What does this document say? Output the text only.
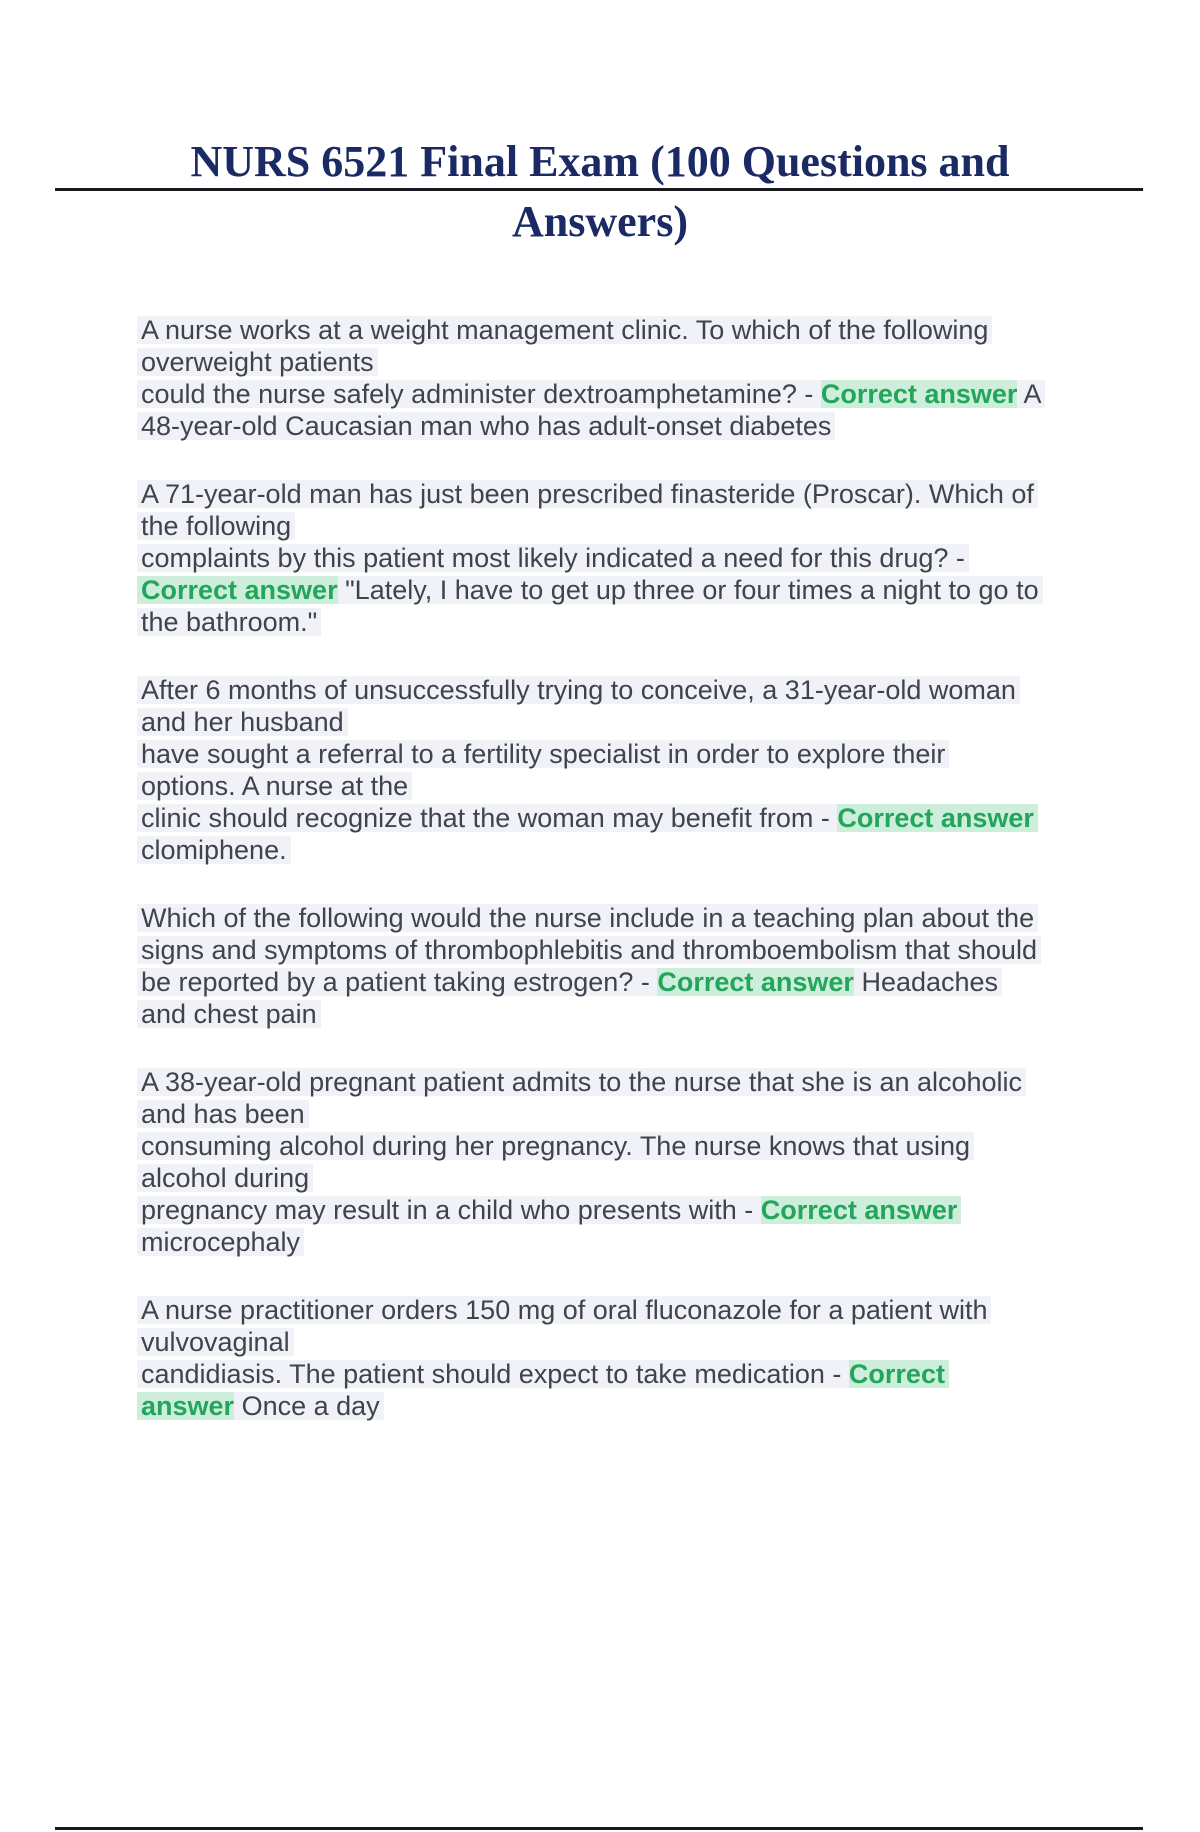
NURS 6521 Final Exam (100 Questions and
Answers)
A nurse works at a weight management clinic. To which of the following
overweight patients
could the nurse safely administer dextroamphetamine? - Correct answer A
48-year-old Caucasian man who has adult-onset diabetes
A 71-year-old man has just been prescribed finasteride (Proscar). Which of
the following
complaints by this patient most likely indicated a need for this drug? -
Correct answer "Lately, I have to get up three or four times a night to go to
the bathroom."
After 6 months of unsuccessfully trying to conceive, a 31-year-old woman
and her husband
have sought a referral to a fertility specialist in order to explore their
options. A nurse at the
clinic should recognize that the woman may benefit from - Correct answer
clomiphene.
Which of the following would the nurse include in a teaching plan about the
signs and symptoms of thrombophlebitis and thromboembolism that should
be reported by a patient taking estrogen? - Correct answer Headaches
and chest pain
A 38-year-old pregnant patient admits to the nurse that she is an alcoholic
and has been
consuming alcohol during her pregnancy. The nurse knows that using
alcohol during
pregnancy may result in a child who presents with - Correct answer
microcephaly
A nurse practitioner orders 150 mg of oral fluconazole for a patient with
vulvovaginal
candidiasis. The patient should expect to take medication - Correct
answer Once a day
